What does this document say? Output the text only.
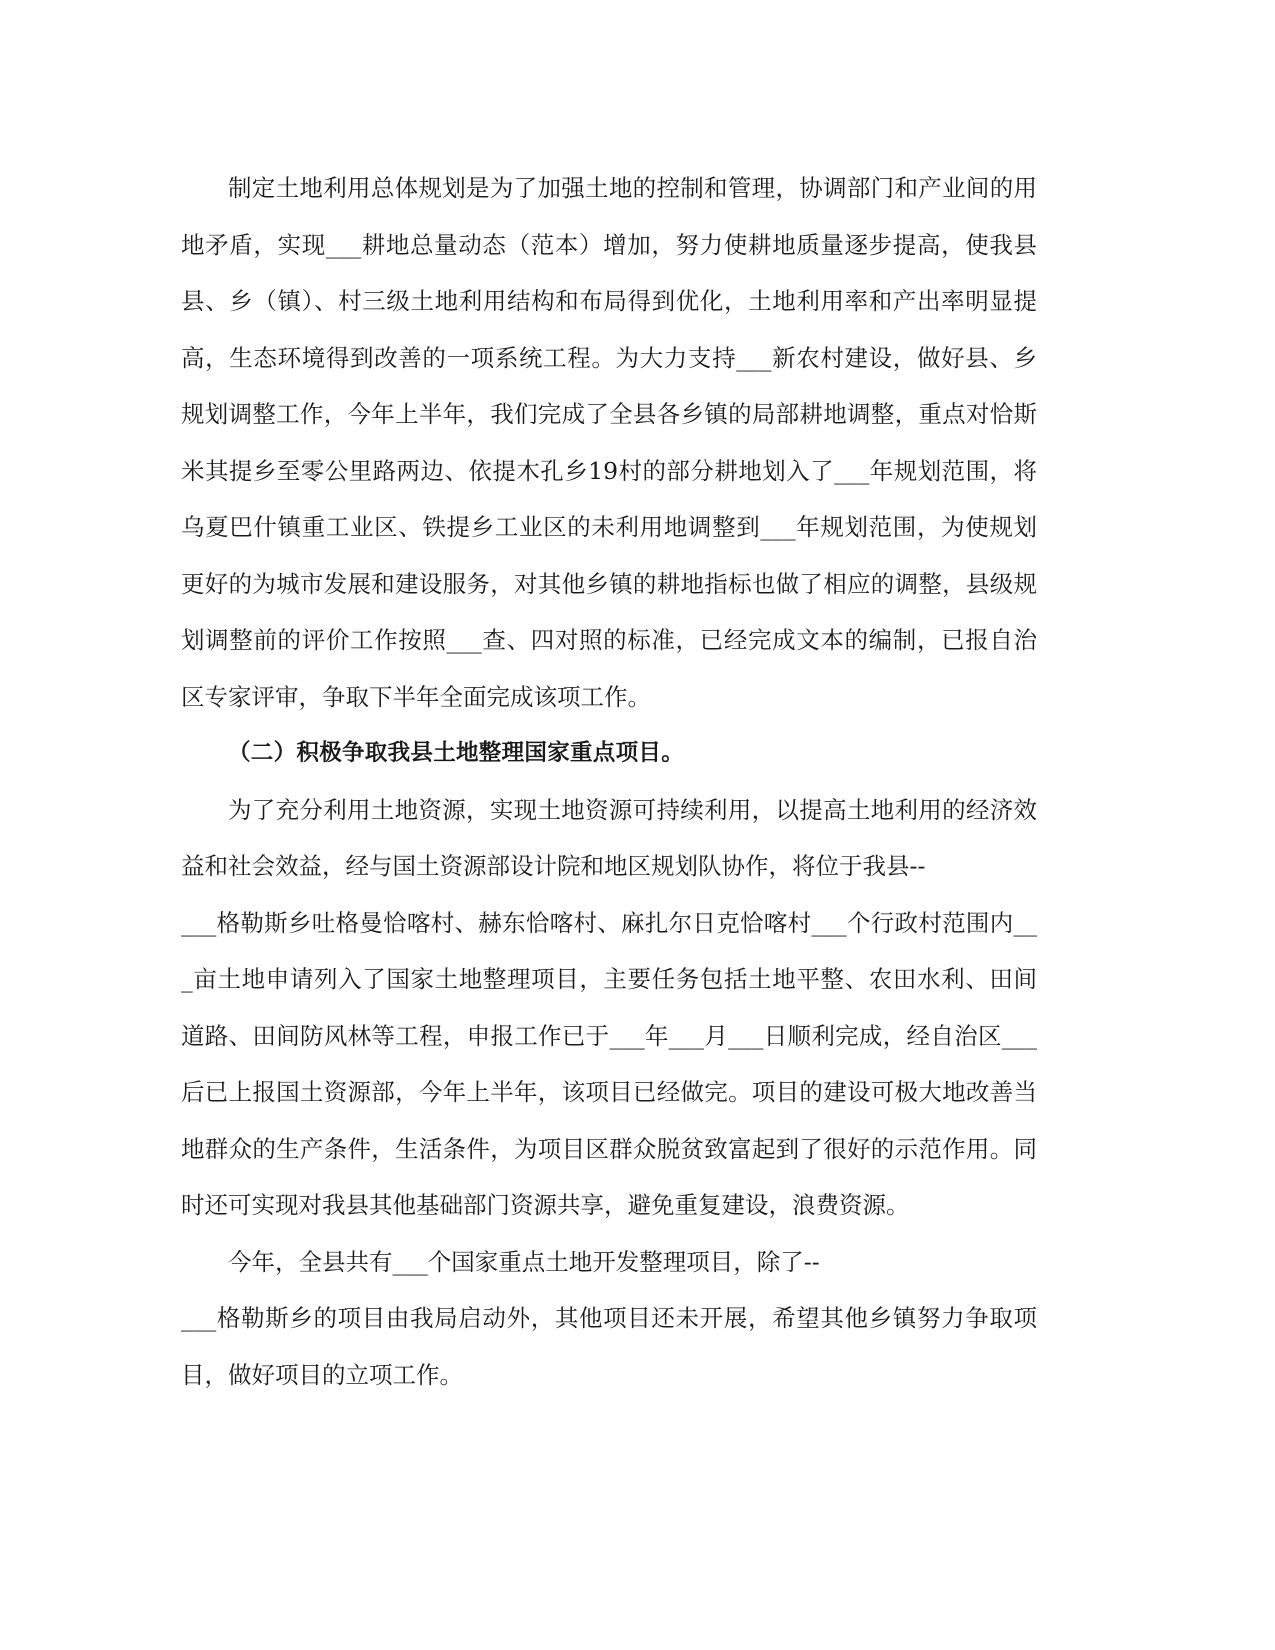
制定土地利用总体规划是为了加强土地的控制和管理，协调部门和产业间的用
地矛盾，实现___耕地总量动态（范本）增加，努力使耕地质量逐步提高，使我县
县、乡（镇）、村三级土地利用结构和布局得到优化，土地利用率和产出率明显提
高，生态环境得到改善的一项系统工程。为大力支持___新农村建设，做好县、乡
规划调整工作，今年上半年，我们完成了全县各乡镇的局部耕地调整，重点对恰斯
米其提乡至零公里路两边、依提木孔乡19村的部分耕地划入了___年规划范围，将
乌夏巴什镇重工业区、铁提乡工业区的未利用地调整到___年规划范围，为使规划
更好的为城市发展和建设服务，对其他乡镇的耕地指标也做了相应的调整，县级规
划调整前的评价工作按照___查、四对照的标准，已经完成文本的编制，已报自治
区专家评审，争取下半年全面完成该项工作。
（二）积极争取我县土地整理国家重点项目。
为了充分利用土地资源，实现土地资源可持续利用，以提高土地利用的经济效
益和社会效益，经与国土资源部设计院和地区规划队协作，将位于我县--
___格勒斯乡吐格曼恰喀村、赫东恰喀村、麻扎尔日克恰喀村___个行政村范围内__
_亩土地申请列入了国家土地整理项目，主要任务包括土地平整、农田水利、田间
道路、田间防风林等工程，申报工作已于___年___月___日顺利完成，经自治区___
后已上报国土资源部，今年上半年，该项目已经做完。项目的建设可极大地改善当
地群众的生产条件，生活条件，为项目区群众脱贫致富起到了很好的示范作用。同
时还可实现对我县其他基础部门资源共享，避免重复建设，浪费资源。
今年，全县共有___个国家重点土地开发整理项目，除了--
___格勒斯乡的项目由我局启动外，其他项目还未开展，希望其他乡镇努力争取项
目，做好项目的立项工作。
